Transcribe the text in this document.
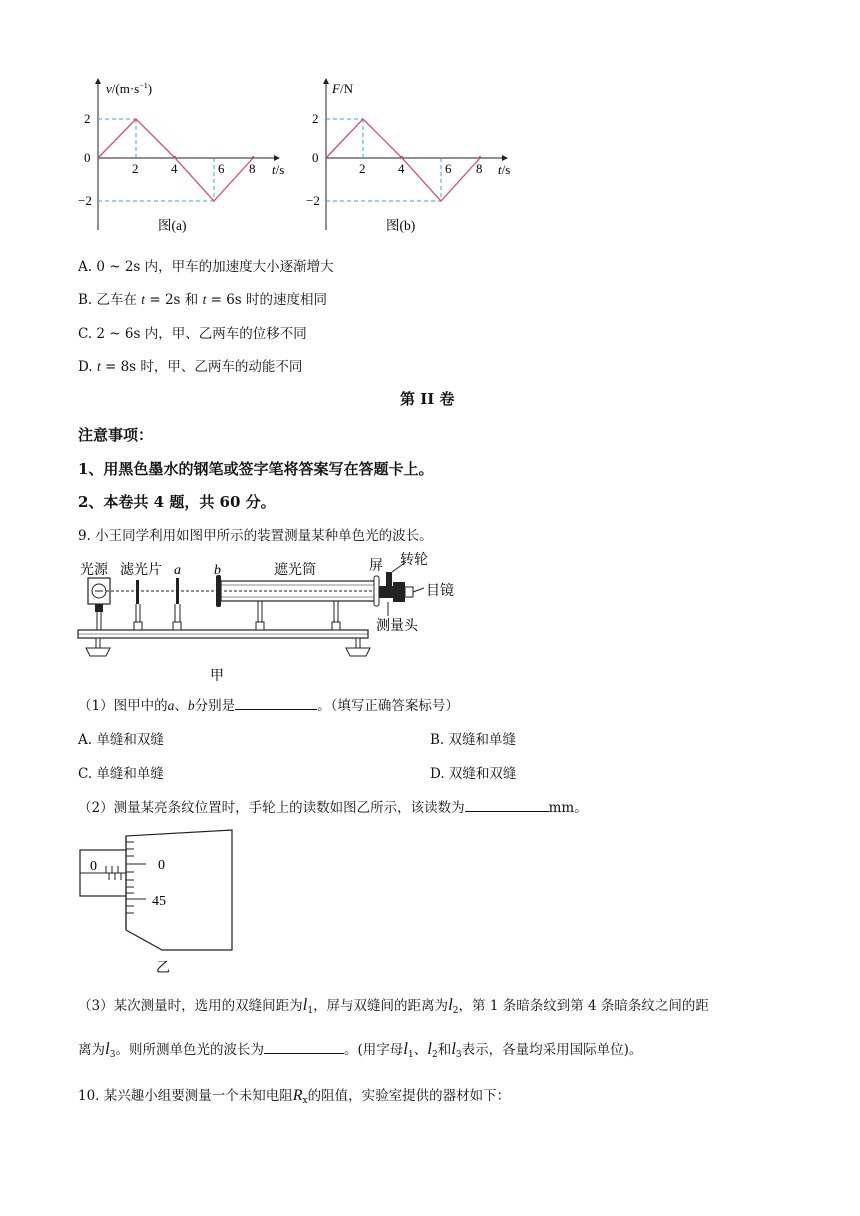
$v/(m\cdot s^{-1})$
0
2
−2
2	4	6 8 t/s
图(a)
F/N
0
2
−2
2	4	6 8 t/s
图(b)
A. 0 ~ 2s 内，甲车的加速度大小逐渐增大
B. 乙车在 t = 2s 和 t = 6s 时的速度相同
C. 2 ~ 6s 内，甲、乙两车的位移不同
D. t = 8s 时，甲、乙两车的动能不同
第 II 卷
注意事项：
1、用黑色墨水的钢笔或签字笔将答案写在答题卡上。
2、本卷共 4 题，共 60 分。
9. 小王同学利用如图甲所示的装置测量某种单色光的波长。
光源 滤光片 a b	遮光筒	屏 转轮
目镜
测量头
甲
（1）图甲中的a、b分别是	。（填写正确答案标号）
A. 单缝和双缝	B. 双缝和单缝
C. 单缝和单缝	D. 双缝和双缝
（2）测量某亮条纹位置时，手轮上的读数如图乙所示，该读数为	mm。
0	0
45
乙
（3）某次测量时，选用的双缝间距为$l_1$，屏与双缝间的距离为$l_2$，第 1 条暗条纹到第 4 条暗条纹之间的距
离为$l_3$。则所测单色光的波长为	。(用字母$l_1$、$l_2$和$l_3$表示，各量均采用国际单位)。
10. 某兴趣小组要测量一个未知电阻$R_x$的阻值，实验室提供的器材如下：
